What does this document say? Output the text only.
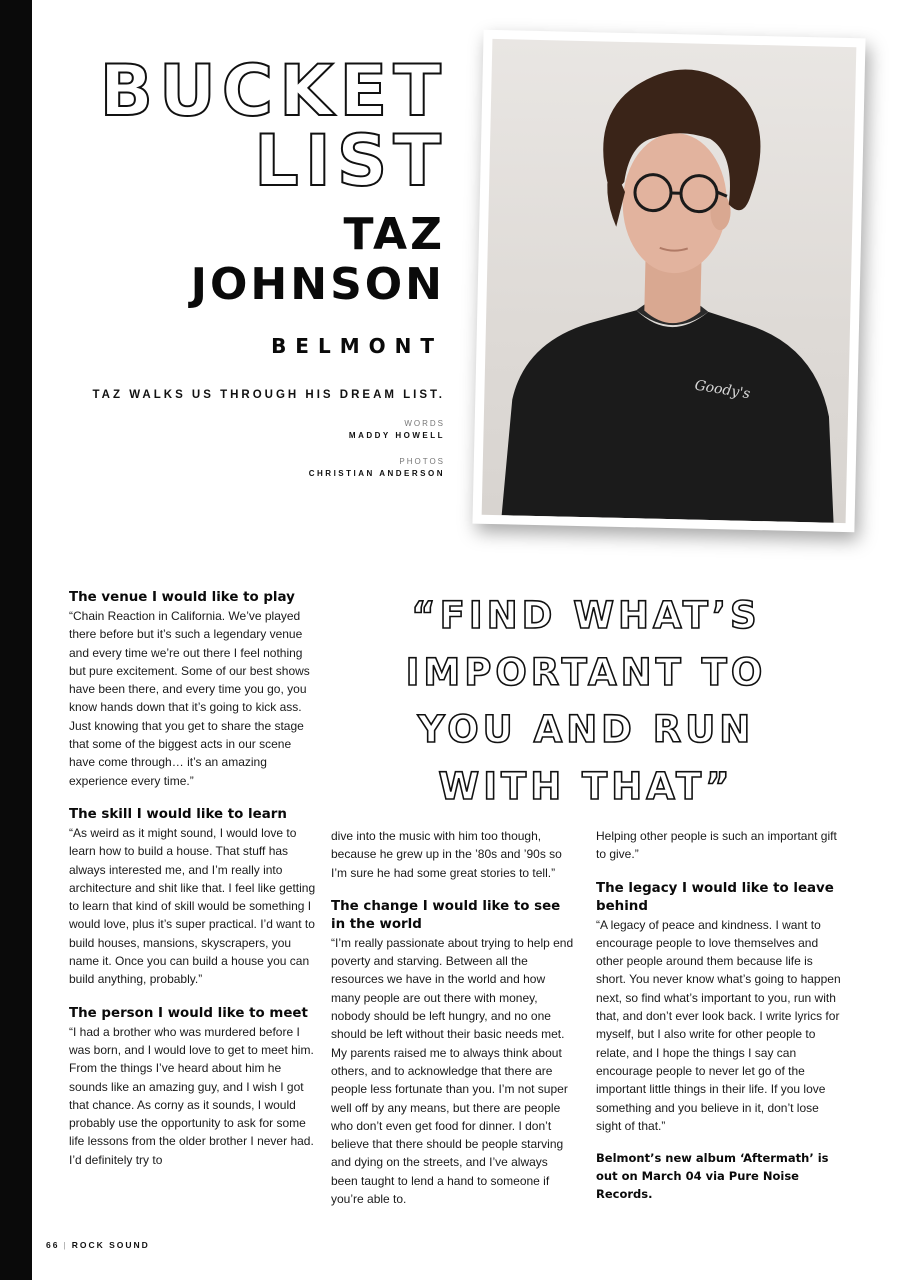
BUCKET
LIST
TAZ
JOHNSON
BELMONT
TAZ WALKS US THROUGH HIS DREAM LIST.
WORDS
MADDY HOWELL
PHOTOS
CHRISTIAN ANDERSON
Goody's
The venue I would like to play

“Chain Reaction in California. We’ve played there before but it’s such a legendary venue and every time we’re out there I feel nothing but pure excitement. Some of our best shows have been there, and every time you go, you know hands down that it’s going to kick ass. Just knowing that you get to share the stage that some of the biggest acts in our scene have come through… it’s an amazing experience every time.”

The skill I would like to learn

“As weird as it might sound, I would love to learn how to build a house. That stuff has always interested me, and I’m really into architecture and shit like that. I feel like getting to learn that kind of skill would be something I would love, plus it’s super practical. I’d want to build houses, mansions, skyscrapers, you name it. Once you can build a house you can build anything, probably.”

The person I would like to meet

“I had a brother who was murdered before I was born, and I would love to get to meet him. From the things I’ve heard about him he sounds like an amazing guy, and I wish I got that chance. As corny as it sounds, I would probably use the opportunity to ask for some life lessons from the older brother I never had. I’d definitely try to

“FIND WHAT’S IMPORTANT TO YOU AND RUN WITH THAT”

dive into the music with him too though, because he grew up in the ’80s and ’90s so I’m sure he had some great stories to tell.”

The change I would like to see in the world

“I’m really passionate about trying to help end poverty and starving. Between all the resources we have in the world and how many people are out there with money, nobody should be left hungry, and no one should be left without their basic needs met. My parents raised me to always think about others, and to acknowledge that there are people less fortunate than you. I’m not super well off by any means, but there are people who don’t even get food for dinner. I don’t believe that there should be people starving and dying on the streets, and I’ve always been taught to lend a hand to someone if you’re able to.

Helping other people is such an important gift to give.”

The legacy I would like to leave behind

“A legacy of peace and kindness. I want to encourage people to love themselves and other people around them because life is short. You never know what’s going to happen next, so find what’s important to you, run with that, and don’t ever look back. I write lyrics for myself, but I also write for other people to relate, and I hope the things I say can encourage people to never let go of the important little things in their life. If you love something and you believe in it, don’t lose sight of that.”

Belmont’s new album ‘Aftermath’ is out on March 04 via Pure Noise Records.

66 | ROCK SOUND
